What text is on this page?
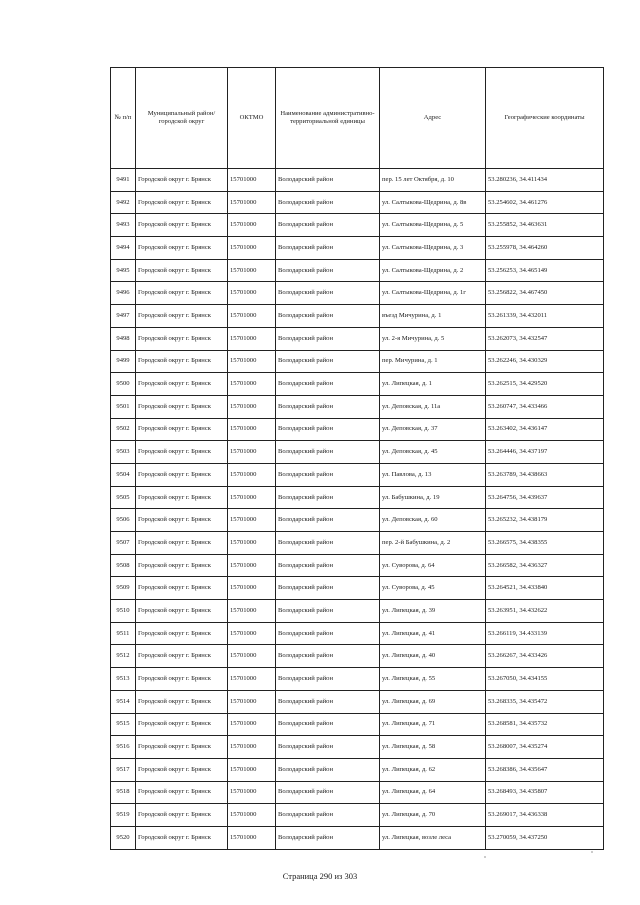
№ п/п	Муниципальный район/городской округ	ОКТМО	Наименование административно-территориальной единицы	Адрес	Географические координаты
9491	Городской округ г. Брянск	15701000	Володарский район	пер. 15 лет Октября, д. 10	53.280236, 34.411434
9492	Городской округ г. Брянск	15701000	Володарский район	ул. Салтыкова-Щедрина, д. 8в	53.254602, 34.461276
9493	Городской округ г. Брянск	15701000	Володарский район	ул. Салтыкова-Щедрина, д. 5	53.255852, 34.463631
9494	Городской округ г. Брянск	15701000	Володарский район	ул. Салтыкова-Щедрина, д. 3	53.255978, 34.464260
9495	Городской округ г. Брянск	15701000	Володарский район	ул. Салтыкова-Щедрина, д. 2	53.256253, 34.465149
9496	Городской округ г. Брянск	15701000	Володарский район	ул. Салтыкова-Щедрина, д. 1г	53.256822, 34.467450
9497	Городской округ г. Брянск	15701000	Володарский район	въезд Мичурина, д. 1	53.261339, 34.432011
9498	Городской округ г. Брянск	15701000	Володарский район	ул. 2-я Мичурина, д. 5	53.262073, 34.432547
9499	Городской округ г. Брянск	15701000	Володарский район	пер. Мичурина, д. 1	53.262246, 34.430329
9500	Городской округ г. Брянск	15701000	Володарский район	ул. Липецкая, д. 1	53.262515, 34.429520
9501	Городской округ г. Брянск	15701000	Володарский район	ул. Деповская, д. 11а	53.260747, 34.433466
9502	Городской округ г. Брянск	15701000	Володарский район	ул. Деповская, д. 37	53.263402, 34.436147
9503	Городской округ г. Брянск	15701000	Володарский район	ул. Деповская, д. 45	53.264446, 34.437197
9504	Городской округ г. Брянск	15701000	Володарский район	ул. Павлова, д. 13	53.263789, 34.438663
9505	Городской округ г. Брянск	15701000	Володарский район	ул. Бабушкина, д. 19	53.264756, 34.439637
9506	Городской округ г. Брянск	15701000	Володарский район	ул. Деповская, д. 60	53.265232, 34.438179
9507	Городской округ г. Брянск	15701000	Володарский район	пер. 2-й Бабушкина, д. 2	53.266575, 34.438355
9508	Городской округ г. Брянск	15701000	Володарский район	ул. Суворова, д. 64	53.266582, 34.436327
9509	Городской округ г. Брянск	15701000	Володарский район	ул. Суворова, д. 45	53.264521, 34.433840
9510	Городской округ г. Брянск	15701000	Володарский район	ул. Липецкая, д. 39	53.263951, 34.432622
9511	Городской округ г. Брянск	15701000	Володарский район	ул. Липецкая, д. 41	53.266119, 34.433139
9512	Городской округ г. Брянск	15701000	Володарский район	ул. Липецкая, д. 40	53.266267, 34.433426
9513	Городской округ г. Брянск	15701000	Володарский район	ул. Липецкая, д. 55	53.267050, 34.434155
9514	Городской округ г. Брянск	15701000	Володарский район	ул. Липецкая, д. 69	53.268335, 34.435472
9515	Городской округ г. Брянск	15701000	Володарский район	ул. Липецкая, д. 71	53.268581, 34.435732
9516	Городской округ г. Брянск	15701000	Володарский район	ул. Липецкая, д. 58	53.268007, 34.435274
9517	Городской округ г. Брянск	15701000	Володарский район	ул. Липецкая, д. 62	53.268386, 34.435647
9518	Городской округ г. Брянск	15701000	Володарский район	ул. Липецкая, д. 64	53.268493, 34.435807
9519	Городской округ г. Брянск	15701000	Володарский район	ул. Липецкая, д. 70	53.269017, 34.436338
9520	Городской округ г. Брянск	15701000	Володарский район	ул. Липецкая, возле леса	53.270059, 34.437250
Страница 290 из 303
